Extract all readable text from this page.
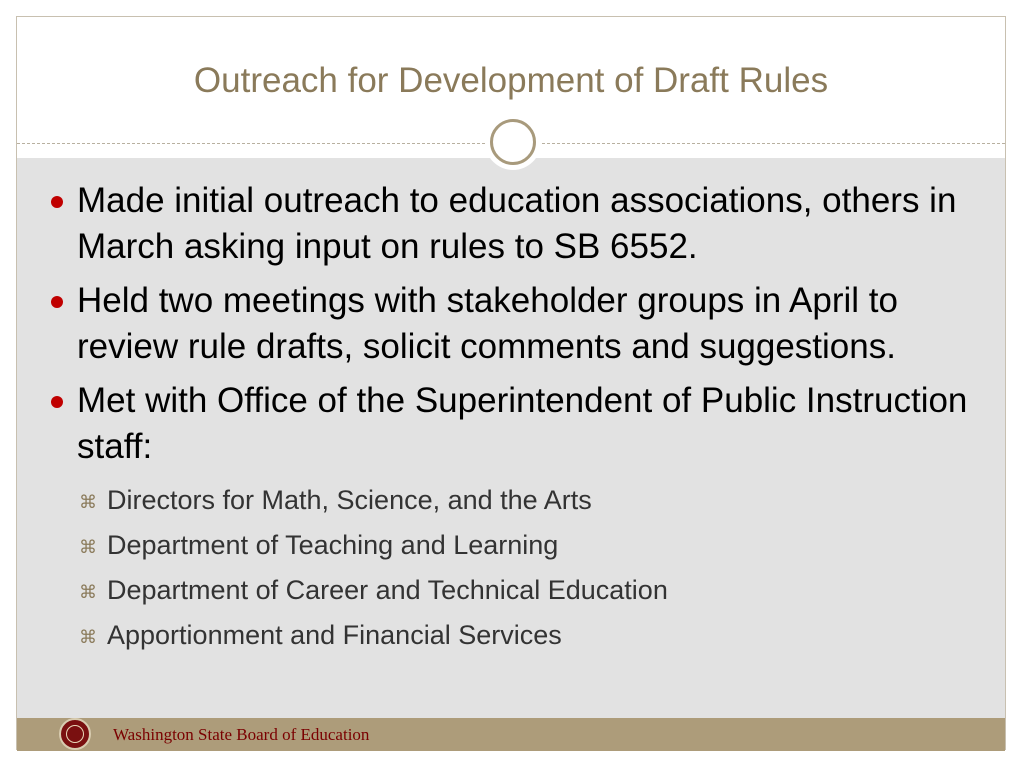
Outreach for Development of Draft Rules
Made initial outreach to education associations, others in March asking input on rules to SB 6552.
Held two meetings with stakeholder groups in April to review rule drafts, solicit comments and suggestions.
Met with Office of the Superintendent of Public Instruction staff:
⌘ Directors for Math, Science, and the Arts
⌘ Department of Teaching and Learning
⌘ Department of Career and Technical Education
⌘ Apportionment and Financial Services
Washington State Board of Education
